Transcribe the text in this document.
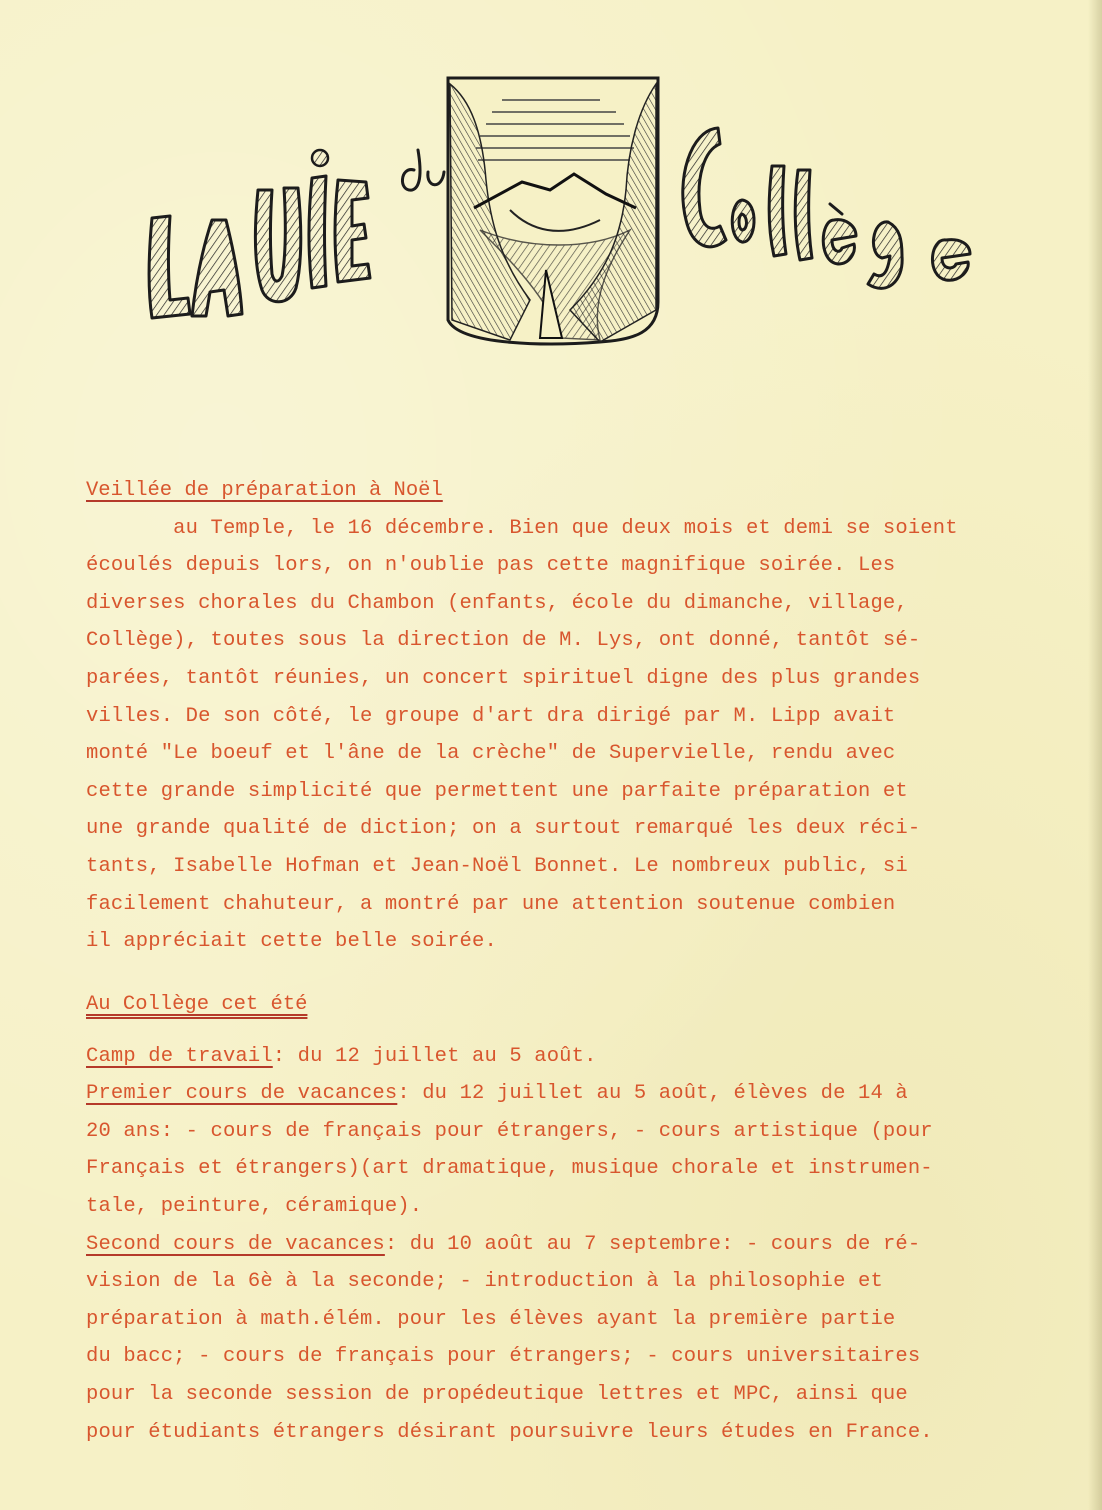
Veillée de préparation à Noël
au Temple, le 16 décembre. Bien que deux mois et demi se soient
écoulés depuis lors, on n'oublie pas cette magnifique soirée. Les
diverses chorales du Chambon (enfants, école du dimanche, village,
Collège), toutes sous la direction de M. Lys, ont donné, tantôt sé-
parées, tantôt réunies, un concert spirituel digne des plus grandes
villes. De son côté, le groupe d'art dra dirigé par M. Lipp avait
monté "Le boeuf et l'âne de la crèche" de Supervielle, rendu avec
cette grande simplicité que permettent une parfaite préparation et
une grande qualité de diction; on a surtout remarqué les deux réci-
tants, Isabelle Hofman et Jean-Noël Bonnet. Le nombreux public, si
facilement chahuteur, a montré par une attention soutenue combien
il appréciait cette belle soirée.
Au Collège cet été
Camp de travail: du 12 juillet au 5 août.
Premier cours de vacances: du 12 juillet au 5 août, élèves de 14 à
20 ans: - cours de français pour étrangers, - cours artistique (pour
Français et étrangers)(art dramatique, musique chorale et instrumen-
tale, peinture, céramique).
Second cours de vacances: du 10 août au 7 septembre: - cours de ré-
vision de la 6è à la seconde; - introduction à la philosophie et
préparation à math.élém. pour les élèves ayant la première partie
du bacc; - cours de français pour étrangers; - cours universitaires
pour la seconde session de propédeutique lettres et MPC, ainsi que
pour étudiants étrangers désirant poursuivre leurs études en France.
